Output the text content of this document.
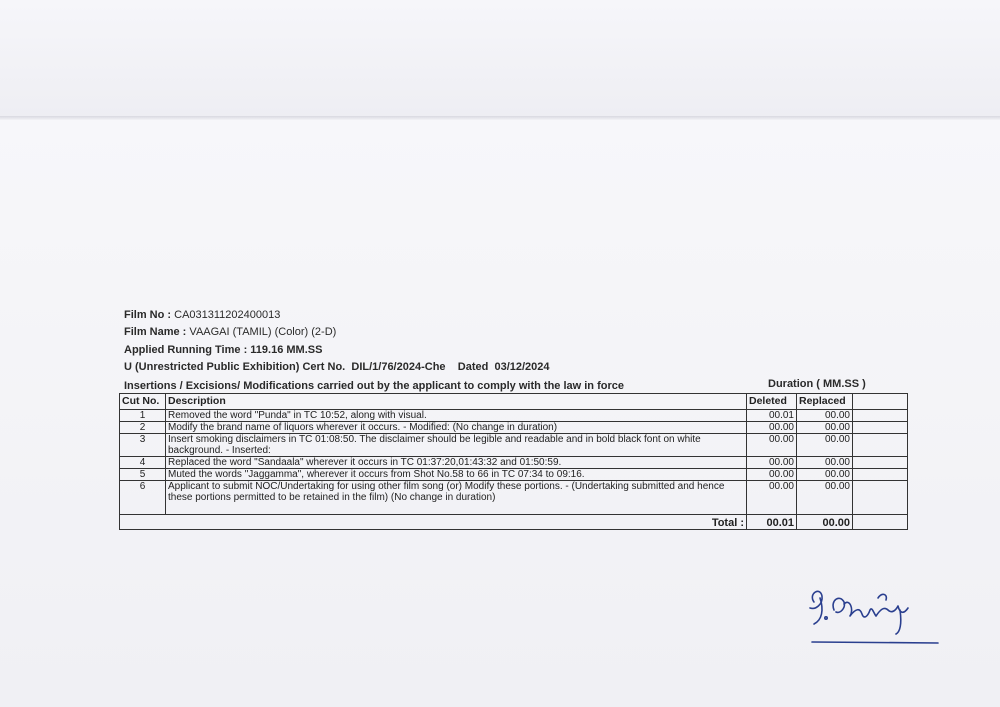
Film No : CA031311202400013
Film Name : VAAGAI (TAMIL) (Color) (2-D)
Applied Running Time : 119.16 MM.SS
U (Unrestricted Public Exhibition) Cert No. DIL/1/76/2024-Che Dated 03/12/2024
Insertions / Excisions/ Modifications carried out by the applicant to comply with the law in force	Duration ( MM.SS )
Cut No.	Description	Deleted	Replaced	
1	Removed the word "Punda" in TC 10:52, along with visual.	00.01	00.00	
2	Modify the brand name of liquors wherever it occurs. - Modified: (No change in duration)	00.00	00.00	
3	Insert smoking disclaimers in TC 01:08:50. The disclaimer should be legible and readable and in bold black font on white background. - Inserted:	00.00	00.00	
4	Replaced the word "Sandaala" wherever it occurs in TC 01:37:20,01:43:32 and 01:50:59.	00.00	00.00	
5	Muted the words "Jaggamma", wherever it occurs from Shot No.58 to 66 in TC 07:34 to 09:16.	00.00	00.00	
6	Applicant to submit NOC/Undertaking for using other film song (or) Modify these portions. - (Undertaking submitted and hence these portions permitted to be retained in the film) (No change in duration)	00.00	00.00	
Total :		00.01	00.00	
